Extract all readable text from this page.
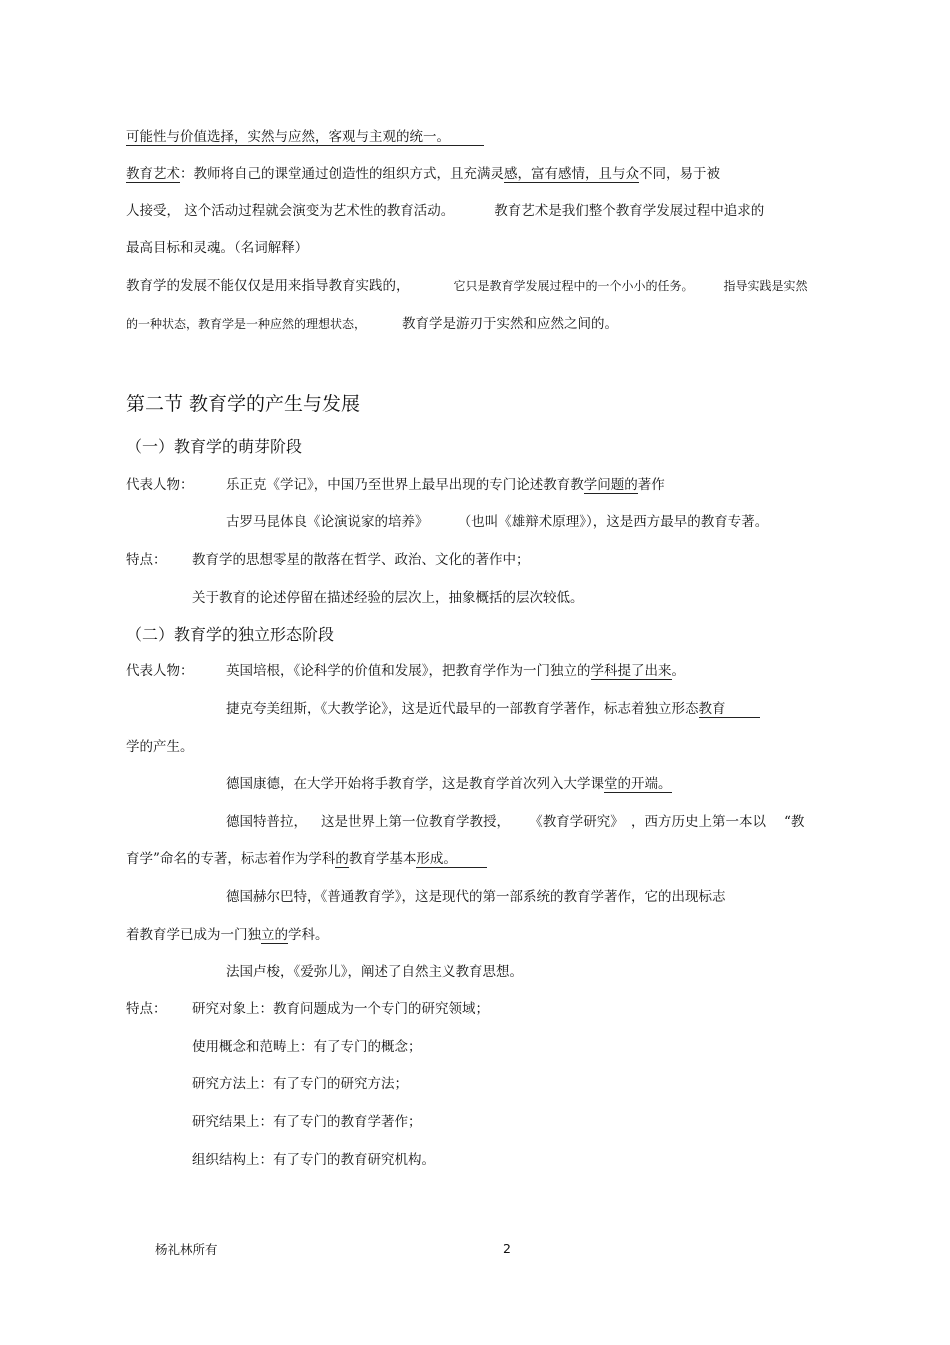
可能性与价值选择，实然与应然，客观与主观的统一。
教育艺术：教师将自己的课堂通过创造性的组织方式，且充满灵感，富有感情，且与众不同，易于被
人接受， 这个活动过程就会演变为艺术性的教育活动。	教育艺术是我们整个教育学发展过程中追求的
最高目标和灵魂。（名词解释）
教育学的发展不能仅仅是用来指导教育实践的，	它只是教育学发展过程中的一个小小的任务。	指导实践是实然
的一种状态，教育学是一种应然的理想状态，	教育学是游刃于实然和应然之间的。
第二节 教育学的产生与发展
（一）教育学的萌芽阶段
代表人物： 乐正克《学记》，中国乃至世界上最早出现的专门论述教育教学问题的著作
古罗马昆体良《论演说家的培养》	（也叫《雄辩术原理》），这是西方最早的教育专著。
特点： 教育学的思想零星的散落在哲学、政治、文化的著作中；
关于教育的论述停留在描述经验的层次上，抽象概括的层次较低。
（二）教育学的独立形态阶段
代表人物： 英国培根，《论科学的价值和发展》，把教育学作为一门独立的学科提了出来。
捷克夸美纽斯，《大教学论》，这是近代最早的一部教育学著作，标志着独立形态教育
学的产生。
德国康德，在大学开始将手教育学，这是教育学首次列入大学课堂的开端。
德国特普拉， 这是世界上第一位教育学教授， 《教育学研究》 ，西方历史上第一本以 “教
育学”命名的专著，标志着作为学科的教育学基本形成。
德国赫尔巴特，《普通教育学》，这是现代的第一部系统的教育学著作，它的出现标志
着教育学已成为一门独立的学科。
法国卢梭，《爱弥儿》，阐述了自然主义教育思想。
特点： 研究对象上：教育问题成为一个专门的研究领域；
使用概念和范畴上：有了专门的概念；
研究方法上：有了专门的研究方法；
研究结果上：有了专门的教育学著作；
组织结构上：有了专门的教育研究机构。
杨礼林所有	2
